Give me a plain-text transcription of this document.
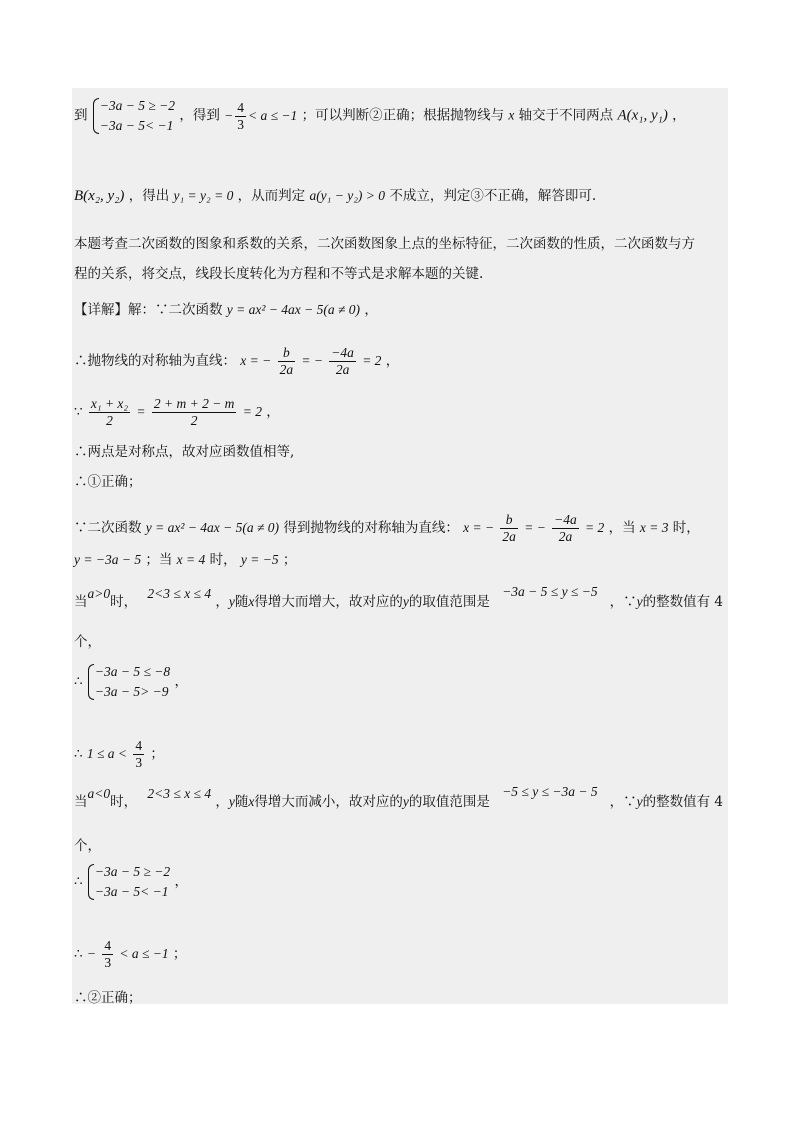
到
−3a − 5 ≥ −2
−3a − 5< −1
，得到 − $\frac{4}{3} < a \le -1$ ；可以判断②正确；根据抛物线与 x 轴交于不同两点 A(x₁, y₁) ，
B(x₂, y₂) ，得出 y₁ = y₂ = 0 ，从而判定 a(y₁ − y₂) > 0 不成立，判定③不正确，解答即可.
本题考查二次函数的图象和系数的关系，二次函数图象上点的坐标特征，二次函数的性质，二次函数与方
程的关系，将交点，线段长度转化为方程和不等式是求解本题的关键.
【详解】解：∵二次函数 y = ax² − 4ax − 5(a ≠ 0) ，
∴抛物线的对称轴为直线： x = − $\frac{b}{2a}$ = − $\frac{-4a}{2a} = 2$ ，
∵ $\frac{\text{x₁ + x₂}}{2} = \frac{2 + m + 2 - m}{2} = 2$ ，
∴两点是对称点，故对应函数值相等,
∴①正确；
∵二次函数 y = ax² − 4ax − 5(a ≠ 0) 得到抛物线的对称轴为直线： x = − $\frac{b}{2a}$ = − $\frac{-4a}{2a} = 2$ ，当 x = 3 时，
y = −3a − 5 ；当 x = 4 时， y = −5 ；
当a>0时， 2<3 ≤ x ≤ 4 ，y随x得增大而增大，故对应的y的取值范围是 −3a − 5 ≤ y ≤ −5，∵y的整数值有 4
个，
∴
−3a − 5 ≤ −8
−3a − 5> −9
，
∴ $1 \le a < \frac{4}{3}$ ；
当a<0时， 2<3 ≤ x ≤ 4 ，y随x得增大而减小，故对应的y的取值范围是 −5 ≤ y ≤ −3a − 5，∵y的整数值有 4
个，
∴
−3a − 5 ≥ −2
−3a − 5< −1
，
∴ − $\frac{4}{3} < a \le -1$ ；
∴②正确；
